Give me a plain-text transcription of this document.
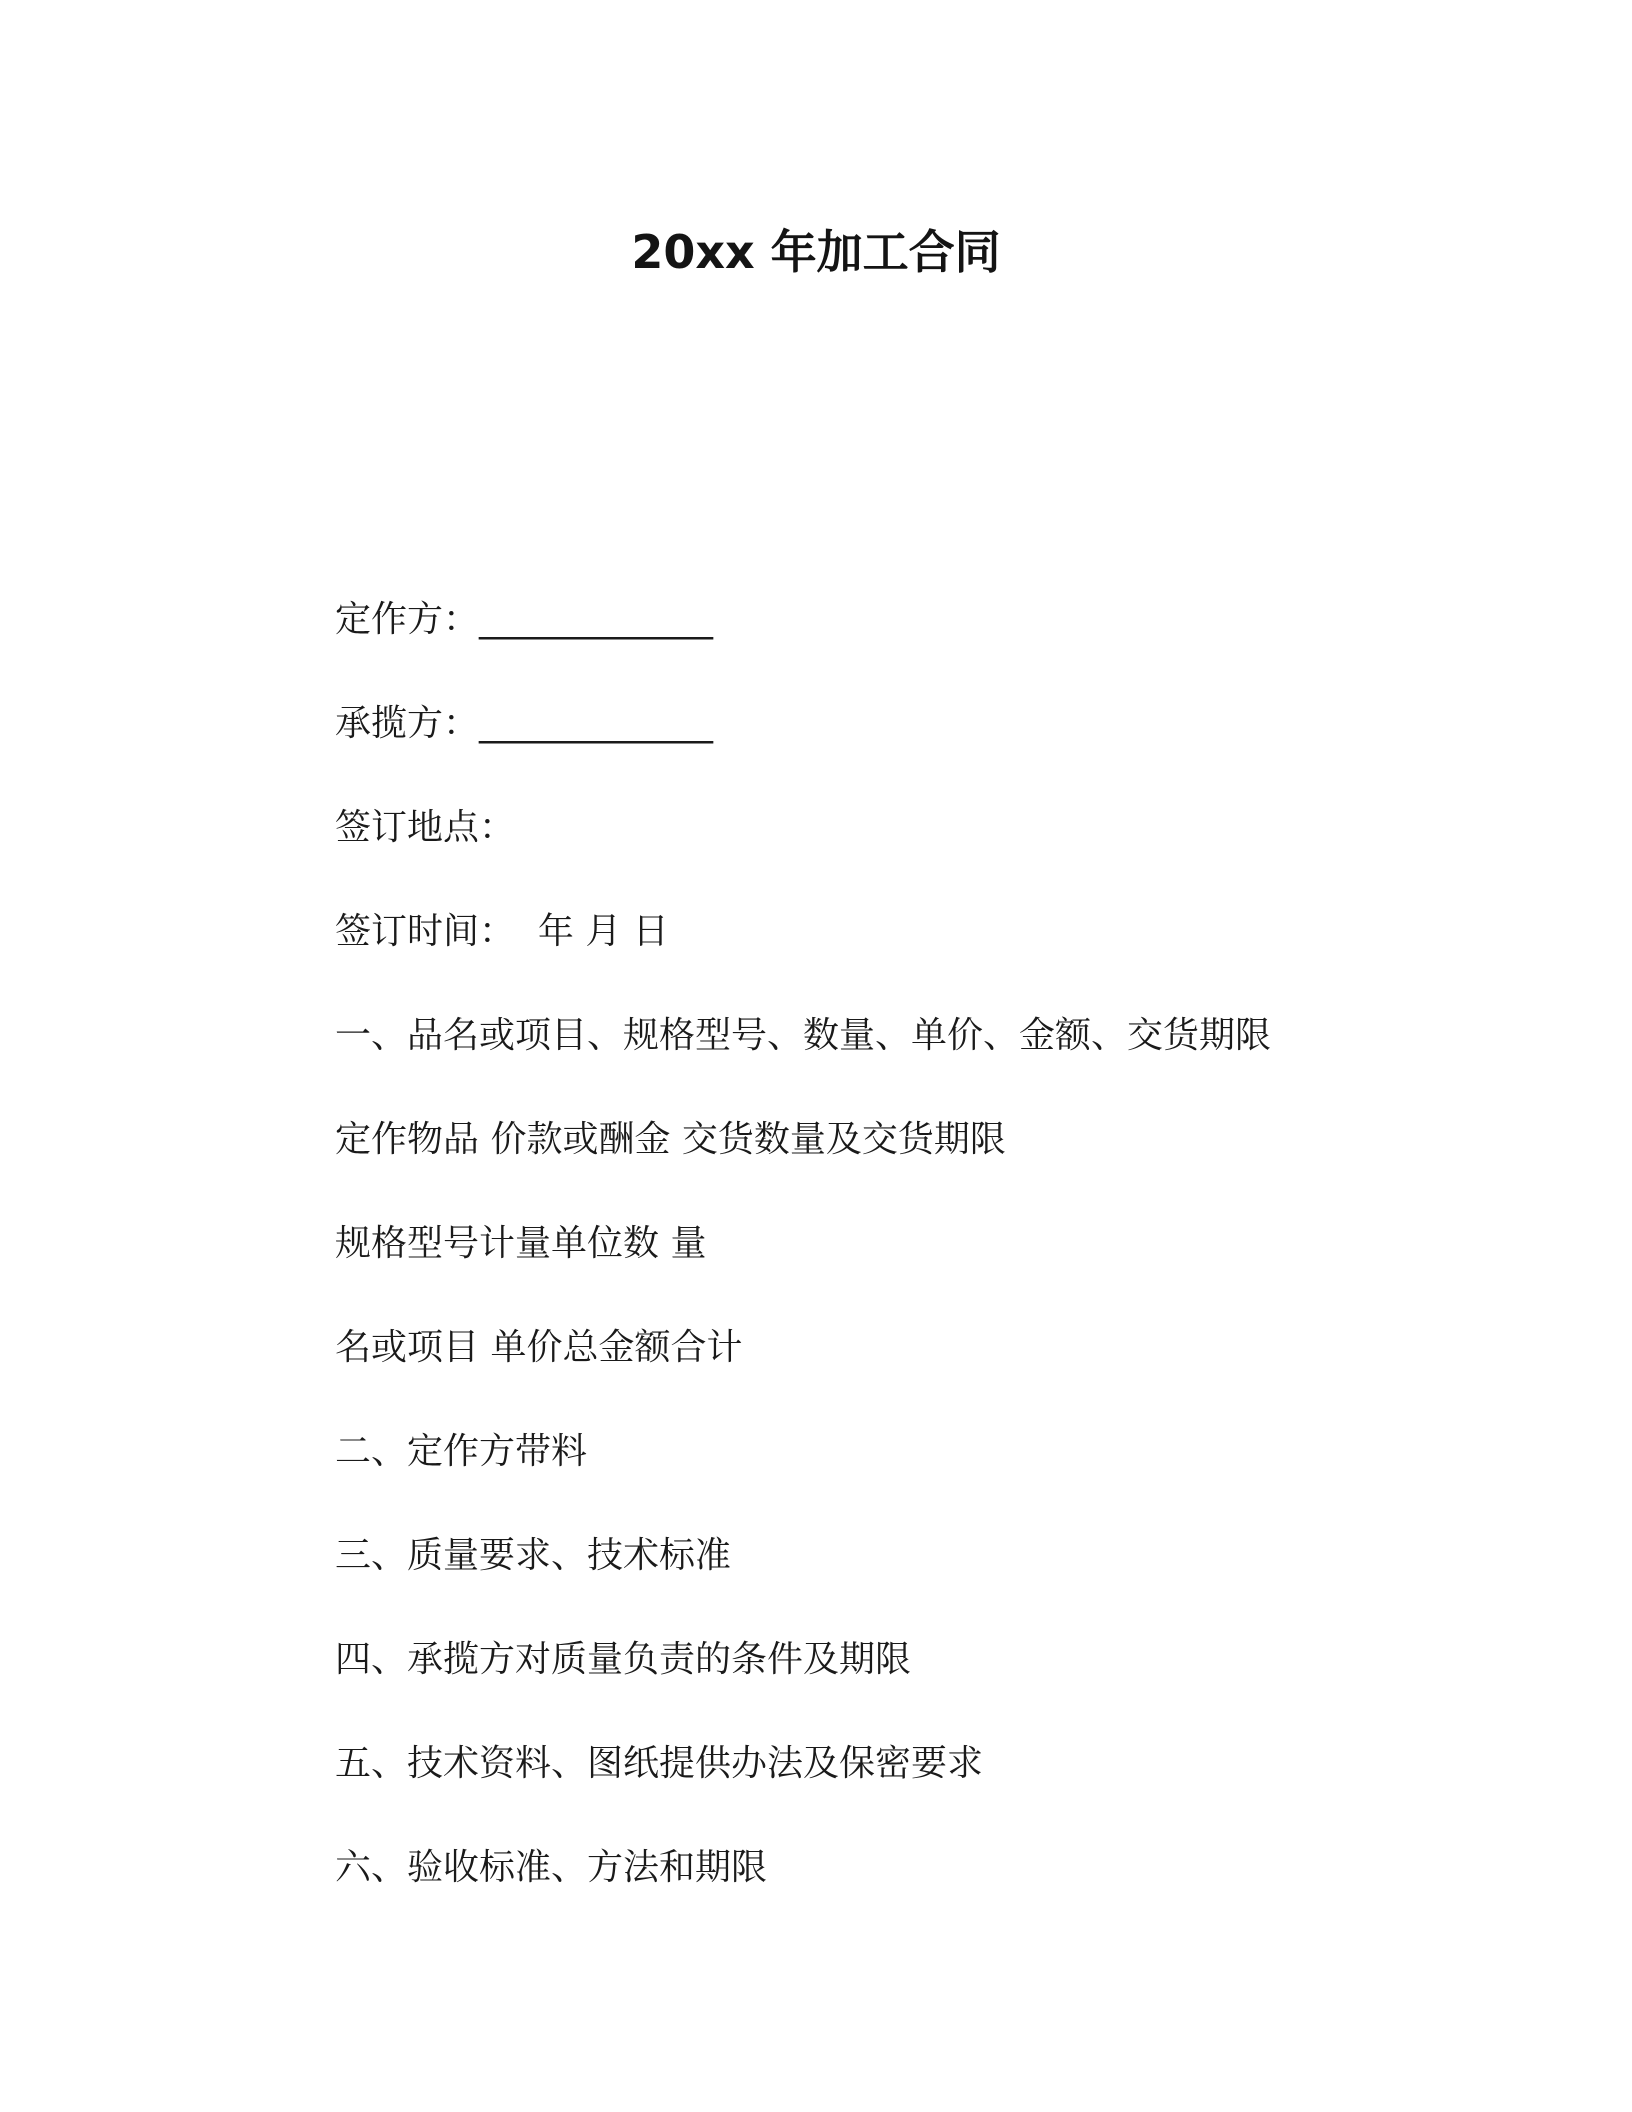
20xx 年加工合同
定作方：_____________
承揽方：_____________
签订地点：
签订时间：  年 月 日
一、品名或项目、规格型号、数量、单价、金额、交货期限
定作物品 价款或酬金 交货数量及交货期限
规格型号计量单位数 量
名或项目 单价总金额合计
二、定作方带料
三、质量要求、技术标准
四、承揽方对质量负责的条件及期限
五、技术资料、图纸提供办法及保密要求
六、验收标准、方法和期限
